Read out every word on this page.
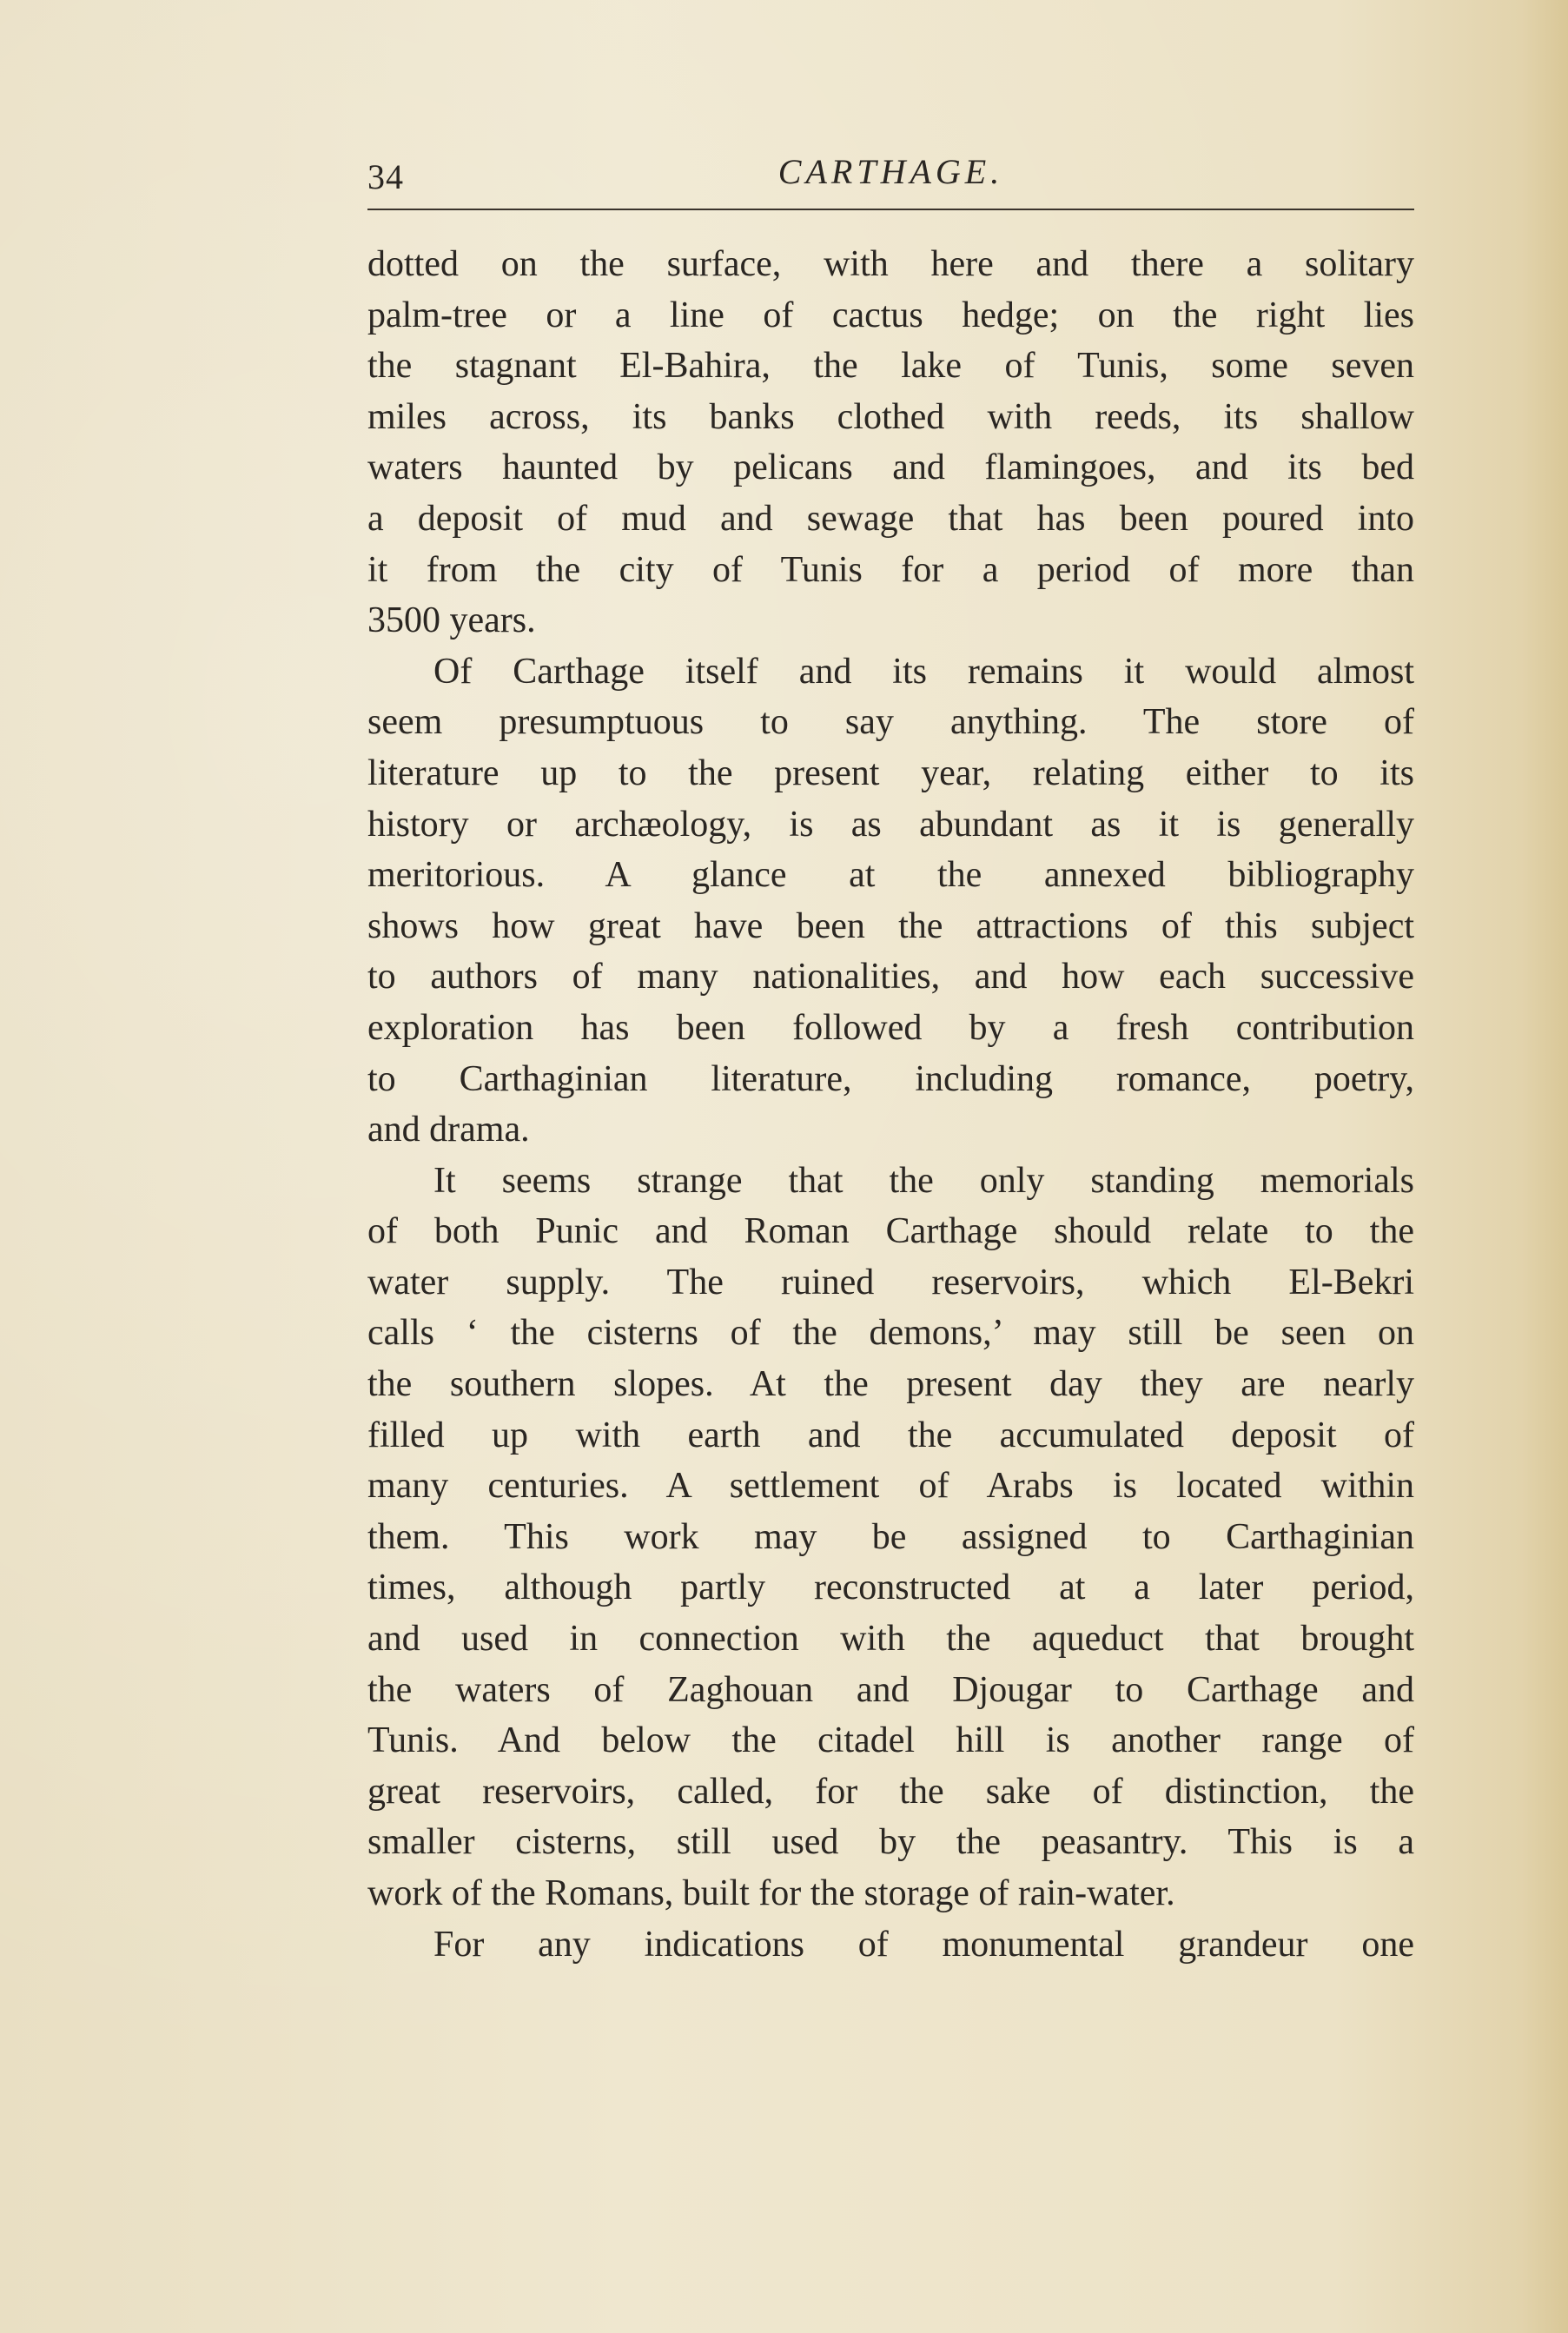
34	CARTHAGE.
dotted on the surface, with here and there a solitary
palm-tree or a line of cactus hedge; on the right lies
the stagnant El-Bahira, the lake of Tunis, some seven
miles across, its banks clothed with reeds, its shallow
waters haunted by pelicans and flamingoes, and its bed
a deposit of mud and sewage that has been poured into
it from the city of Tunis for a period of more than
3500 years.
Of Carthage itself and its remains it would almost
seem presumptuous to say anything. The store of
literature up to the present year, relating either to its
history or archæology, is as abundant as it is generally
meritorious. A glance at the annexed bibliography
shows how great have been the attractions of this subject
to authors of many nationalities, and how each successive
exploration has been followed by a fresh contribution
to Carthaginian literature, including romance, poetry,
and drama.
It seems strange that the only standing memorials
of both Punic and Roman Carthage should relate to the
water supply. The ruined reservoirs, which El-Bekri
calls ‘ the cisterns of the demons,’ may still be seen on
the southern slopes. At the present day they are nearly
filled up with earth and the accumulated deposit of
many centuries. A settlement of Arabs is located within
them. This work may be assigned to Carthaginian
times, although partly reconstructed at a later period,
and used in connection with the aqueduct that brought
the waters of Zaghouan and Djougar to Carthage and
Tunis. And below the citadel hill is another range of
great reservoirs, called, for the sake of distinction, the
smaller cisterns, still used by the peasantry. This is a
work of the Romans, built for the storage of rain-water.
For any indications of monumental grandeur one
